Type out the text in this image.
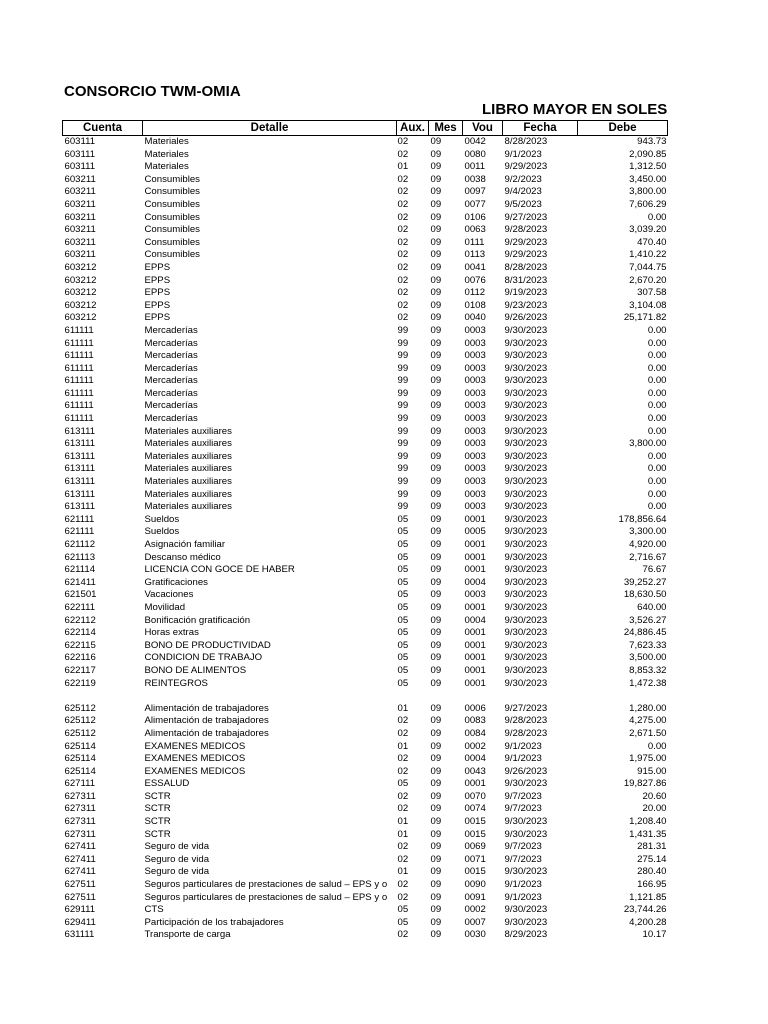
CONSORCIO TWM-OMIA
LIBRO MAYOR EN SOLES
Cuenta	Detalle	Aux.	Mes	Vou	Fecha	Debe
603111	Materiales	02	09	0042	8/28/2023	943.73
603111	Materiales	02	09	0080	9/1/2023	2,090.85
603111	Materiales	01	09	0011	9/29/2023	1,312.50
603211	Consumibles	02	09	0038	9/2/2023	3,450.00
603211	Consumibles	02	09	0097	9/4/2023	3,800.00
603211	Consumibles	02	09	0077	9/5/2023	7,606.29
603211	Consumibles	02	09	0106	9/27/2023	0.00
603211	Consumibles	02	09	0063	9/28/2023	3,039.20
603211	Consumibles	02	09	0111	9/29/2023	470.40
603211	Consumibles	02	09	0113	9/29/2023	1,410.22
603212	EPPS	02	09	0041	8/28/2023	7,044.75
603212	EPPS	02	09	0076	8/31/2023	2,670.20
603212	EPPS	02	09	0112	9/19/2023	307.58
603212	EPPS	02	09	0108	9/23/2023	3,104.08
603212	EPPS	02	09	0040	9/26/2023	25,171.82
611111	Mercaderías	99	09	0003	9/30/2023	0.00
611111	Mercaderías	99	09	0003	9/30/2023	0.00
611111	Mercaderías	99	09	0003	9/30/2023	0.00
611111	Mercaderías	99	09	0003	9/30/2023	0.00
611111	Mercaderías	99	09	0003	9/30/2023	0.00
611111	Mercaderías	99	09	0003	9/30/2023	0.00
611111	Mercaderías	99	09	0003	9/30/2023	0.00
611111	Mercaderías	99	09	0003	9/30/2023	0.00
613111	Materiales auxiliares	99	09	0003	9/30/2023	0.00
613111	Materiales auxiliares	99	09	0003	9/30/2023	3,800.00
613111	Materiales auxiliares	99	09	0003	9/30/2023	0.00
613111	Materiales auxiliares	99	09	0003	9/30/2023	0.00
613111	Materiales auxiliares	99	09	0003	9/30/2023	0.00
613111	Materiales auxiliares	99	09	0003	9/30/2023	0.00
613111	Materiales auxiliares	99	09	0003	9/30/2023	0.00
621111	Sueldos	05	09	0001	9/30/2023	178,856.64
621111	Sueldos	05	09	0005	9/30/2023	3,300.00
621112	Asignación familiar	05	09	0001	9/30/2023	4,920.00
621113	Descanso médico	05	09	0001	9/30/2023	2,716.67
621114	LICENCIA CON GOCE DE HABER	05	09	0001	9/30/2023	76.67
621411	Gratificaciones	05	09	0004	9/30/2023	39,252.27
621501	Vacaciones	05	09	0003	9/30/2023	18,630.50
622111	Movilidad	05	09	0001	9/30/2023	640.00
622112	Bonificación gratificación	05	09	0004	9/30/2023	3,526.27
622114	Horas extras	05	09	0001	9/30/2023	24,886.45
622115	BONO DE PRODUCTIVIDAD	05	09	0001	9/30/2023	7,623.33
622116	CONDICION DE TRABAJO	05	09	0001	9/30/2023	3,500.00
622117	BONO DE ALIMENTOS	05	09	0001	9/30/2023	8,853.32
622119	REINTEGROS	05	09	0001	9/30/2023	1,472.38

625112	Alimentación de trabajadores	01	09	0006	9/27/2023	1,280.00
625112	Alimentación de trabajadores	02	09	0083	9/28/2023	4,275.00
625112	Alimentación de trabajadores	02	09	0084	9/28/2023	2,671.50
625114	EXAMENES MEDICOS	01	09	0002	9/1/2023	0.00
625114	EXAMENES MEDICOS	02	09	0004	9/1/2023	1,975.00
625114	EXAMENES MEDICOS	02	09	0043	9/26/2023	915.00
627111	ESSALUD	05	09	0001	9/30/2023	19,827.86
627311	SCTR	02	09	0070	9/7/2023	20.60
627311	SCTR	02	09	0074	9/7/2023	20.00
627311	SCTR	01	09	0015	9/30/2023	1,208.40
627311	SCTR	01	09	0015	9/30/2023	1,431.35
627411	Seguro de vida	02	09	0069	9/7/2023	281.31
627411	Seguro de vida	02	09	0071	9/7/2023	275.14
627411	Seguro de vida	01	09	0015	9/30/2023	280.40
627511	Seguros particulares de prestaciones de salud – EPS y o	02	09	0090	9/1/2023	166.95
627511	Seguros particulares de prestaciones de salud – EPS y o	02	09	0091	9/1/2023	1,121.85
629111	CTS	05	09	0002	9/30/2023	23,744.26
629411	Participación de los trabajadores	05	09	0007	9/30/2023	4,200.28
631111	Transporte de carga	02	09	0030	8/29/2023	10.17
